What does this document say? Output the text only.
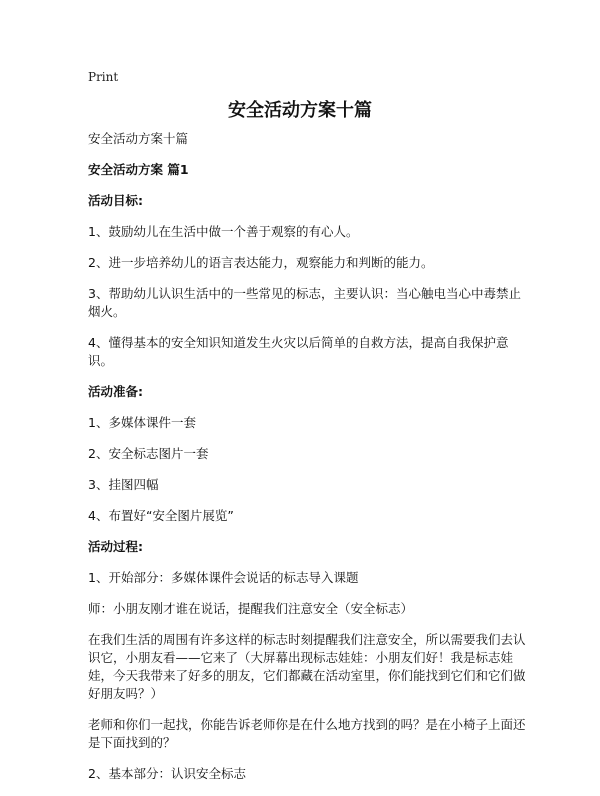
Print
安全活动方案十篇

安全活动方案十篇

安全活动方案 篇1

活动目标:

1、鼓励幼儿在生活中做一个善于观察的有心人。

2、进一步培养幼儿的语言表达能力，观察能力和判断的能力。

3、帮助幼儿认识生活中的一些常见的标志，主要认识：当心触电当心中毒禁止烟火。

4、懂得基本的安全知识知道发生火灾以后简单的自救方法，提高自我保护意识。

活动准备:

1、多媒体课件一套

2、安全标志图片一套

3、挂图四幅

4、布置好“安全图片展览”

活动过程:

1、开始部分：多媒体课件会说话的标志导入课题

师：小朋友刚才谁在说话，提醒我们注意安全（安全标志）

在我们生活的周围有许多这样的标志时刻提醒我们注意安全，所以需要我们去认识它，小朋友看——它来了（大屏幕出现标志娃娃：小朋友们好！我是标志娃娃，今天我带来了好多的朋友，它们都藏在活动室里，你们能找到它们和它们做好朋友吗？）

老师和你们一起找，你能告诉老师你是在什么地方找到的吗？是在小椅子上面还是下面找到的？

2、基本部分：认识安全标志
